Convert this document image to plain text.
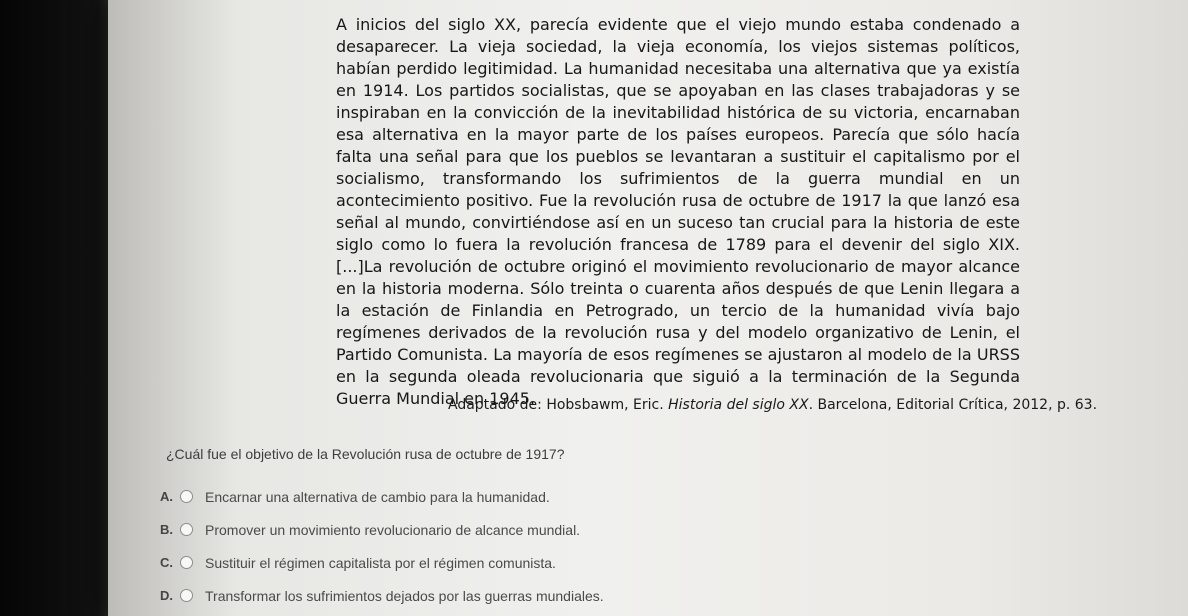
A inicios del siglo XX, parecía evidente que el viejo mundo estaba condenado a desaparecer. La vieja sociedad, la vieja economía, los viejos sistemas políticos, habían perdido legitimidad. La humanidad necesitaba una alternativa que ya existía en 1914. Los partidos socialistas, que se apoyaban en las clases trabajadoras y se inspiraban en la convicción de la inevitabilidad histórica de su victoria, encarnaban esa alternativa en la mayor parte de los países europeos. Parecía que sólo hacía falta una señal para que los pueblos se levantaran a sustituir el capitalismo por el socialismo, transformando los sufrimientos de la guerra mundial en un acontecimiento positivo. Fue la revolución rusa de octubre de 1917 la que lanzó esa señal al mundo, convirtiéndose así en un suceso tan crucial para la historia de este siglo como lo fuera la revolución francesa de 1789 para el devenir del siglo XIX.[...]La revolución de octubre originó el movimiento revolucionario de mayor alcance en la historia moderna. Sólo treinta o cuarenta años después de que Lenin llegara a la estación de Finlandia en Petrogrado, un tercio de la humanidad vivía bajo regímenes derivados de la revolución rusa y del modelo organizativo de Lenin, el Partido Comunista. La mayoría de esos regímenes se ajustaron al modelo de la URSS en la segunda oleada revolucionaria que siguió a la terminación de la Segunda Guerra Mundial en 1945.
Adaptado de: Hobsbawm, Eric. Historia del siglo XX. Barcelona, Editorial Crítica, 2012, p. 63.
¿Cuál fue el objetivo de la Revolución rusa de octubre de 1917?
A.	Encarnar una alternativa de cambio para la humanidad.
B.	Promover un movimiento revolucionario de alcance mundial.
C.	Sustituir el régimen capitalista por el régimen comunista.
D.	Transformar los sufrimientos dejados por las guerras mundiales.
